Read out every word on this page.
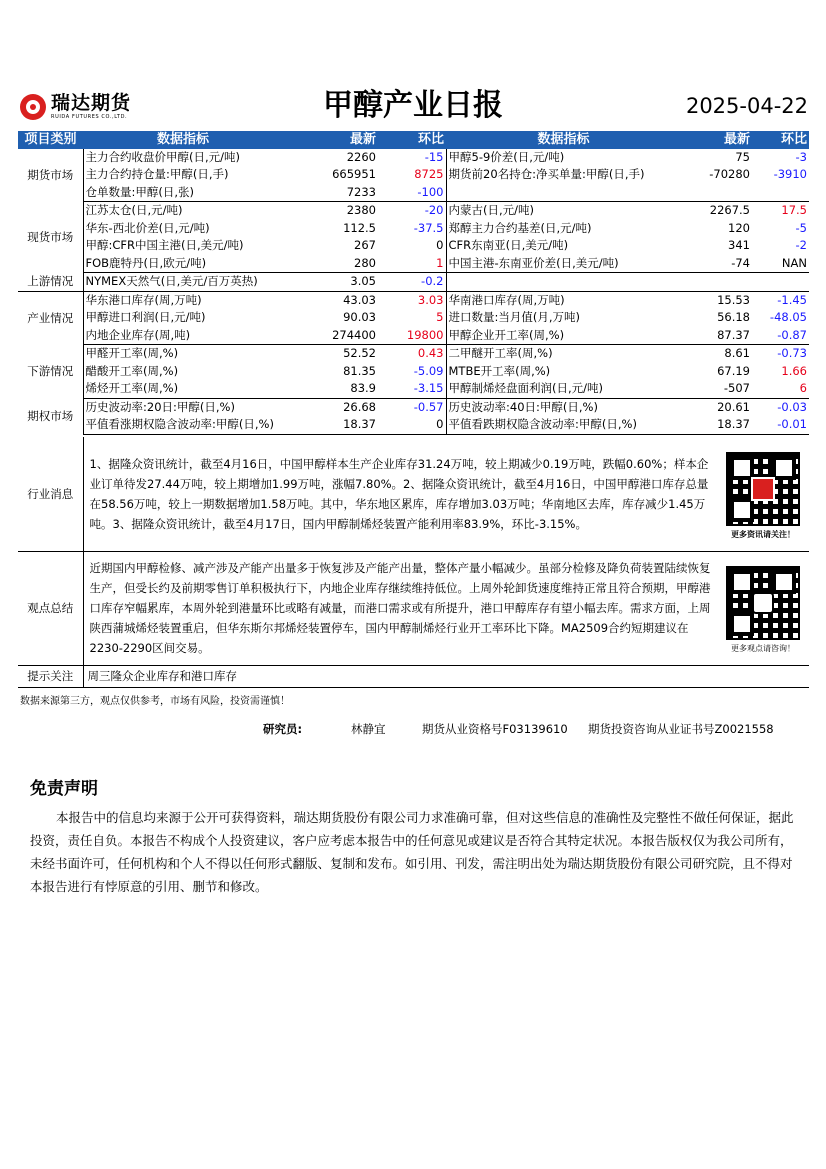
瑞达期货
RUIDA FUTURES CO.,LTD.	甲醇产业日报	2025-04-22
项目类别	数据指标	最新	环比	数据指标	最新	环比
期货市场	主力合约收盘价甲醇(日,元/吨)	2260	-15	甲醇5-9价差(日,元/吨)	75	-3
	主力合约持仓量:甲醇(日,手)	665951	8725	期货前20名持仓:净买单量:甲醇(日,手)	-70280	-3910
	仓单数量:甲醇(日,张)	7233	-100			
现货市场	江苏太仓(日,元/吨)	2380	-20	内蒙古(日,元/吨)	2267.5	17.5
	华东-西北价差(日,元/吨)	112.5	-37.5	郑醇主力合约基差(日,元/吨)	120	-5
	甲醇:CFR中国主港(日,美元/吨)	267	0	CFR东南亚(日,美元/吨)	341	-2
	FOB鹿特丹(日,欧元/吨)	280	1	中国主港-东南亚价差(日,美元/吨)	-74	NAN
上游情况	NYMEX天然气(日,美元/百万英热)	3.05	-0.2			
产业情况	华东港口库存(周,万吨)	43.03	3.03	华南港口库存(周,万吨)	15.53	-1.45
	甲醇进口利润(日,元/吨)	90.03	5	进口数量:当月值(月,万吨)	56.18	-48.05
	内地企业库存(周,吨)	274400	19800	甲醇企业开工率(周,%)	87.37	-0.87
下游情况	甲醛开工率(周,%)	52.52	0.43	二甲醚开工率(周,%)	8.61	-0.73
	醋酸开工率(周,%)	81.35	-5.09	MTBE开工率(周,%)	67.19	1.66
	烯烃开工率(周,%)	83.9	-3.15	甲醇制烯烃盘面利润(日,元/吨)	-507	6
期权市场	历史波动率:20日:甲醇(日,%)	26.68	-0.57	历史波动率:40日:甲醇(日,%)	20.61	-0.03
	平值看涨期权隐含波动率:甲醇(日,%)	18.37	0	平值看跌期权隐含波动率:甲醇(日,%)	18.37	-0.01
行业消息	1、据隆众资讯统计，截至4月16日，中国甲醇样本生产企业库存31.24万吨，较上期减少0.19万吨，跌幅0.60%；样本企业订单待发27.44万吨，较上期增加1.99万吨，涨幅7.80%。2、据隆众资讯统计，截至4月16日，中国甲醇港口库存总量在58.56万吨，较上一期数据增加1.58万吨。其中，华东地区累库，库存增加3.03万吨；华南地区去库，库存减少1.45万吨。3、据隆众资讯统计，截至4月17日，国内甲醇制烯烃装置产能利用率83.9%，环比-3.15%。	
更多资讯请关注！
观点总结	近期国内甲醇检修、减产涉及产能产出量多于恢复涉及产能产出量，整体产量小幅减少。虽部分检修及降负荷装置陆续恢复生产，但受长约及前期零售订单积极执行下，内地企业库存继续维持低位。上周外轮卸货速度维持正常且符合预期，甲醇港口库存窄幅累库，本周外轮到港量环比或略有减量，而港口需求或有所提升，港口甲醇库存有望小幅去库。需求方面，上周陕西蒲城烯烃装置重启，但华东斯尔邦烯烃装置停车，国内甲醇制烯烃行业开工率环比下降。MA2509合约短期建议在2230-2290区间交易。	更多观点请咨询！
提示关注	周三隆众企业库存和港口库存
数据来源第三方，观点仅供参考，市场有风险，投资需谨慎！
研究员:	林静宜	期货从业资格号F03139610	期货投资咨询从业证书号Z0021558
免责声明
本报告中的信息均来源于公开可获得资料，瑞达期货股份有限公司力求准确可靠，但对这些信息的准确性及完整性不做任何保证，据此投资，责任自负。本报告不构成个人投资建议，客户应考虑本报告中的任何意见或建议是否符合其特定状况。本报告版权仅为我公司所有，未经书面许可，任何机构和个人不得以任何形式翻版、复制和发布。如引用、刊发，需注明出处为瑞达期货股份有限公司研究院，且不得对本报告进行有悖原意的引用、删节和修改。
